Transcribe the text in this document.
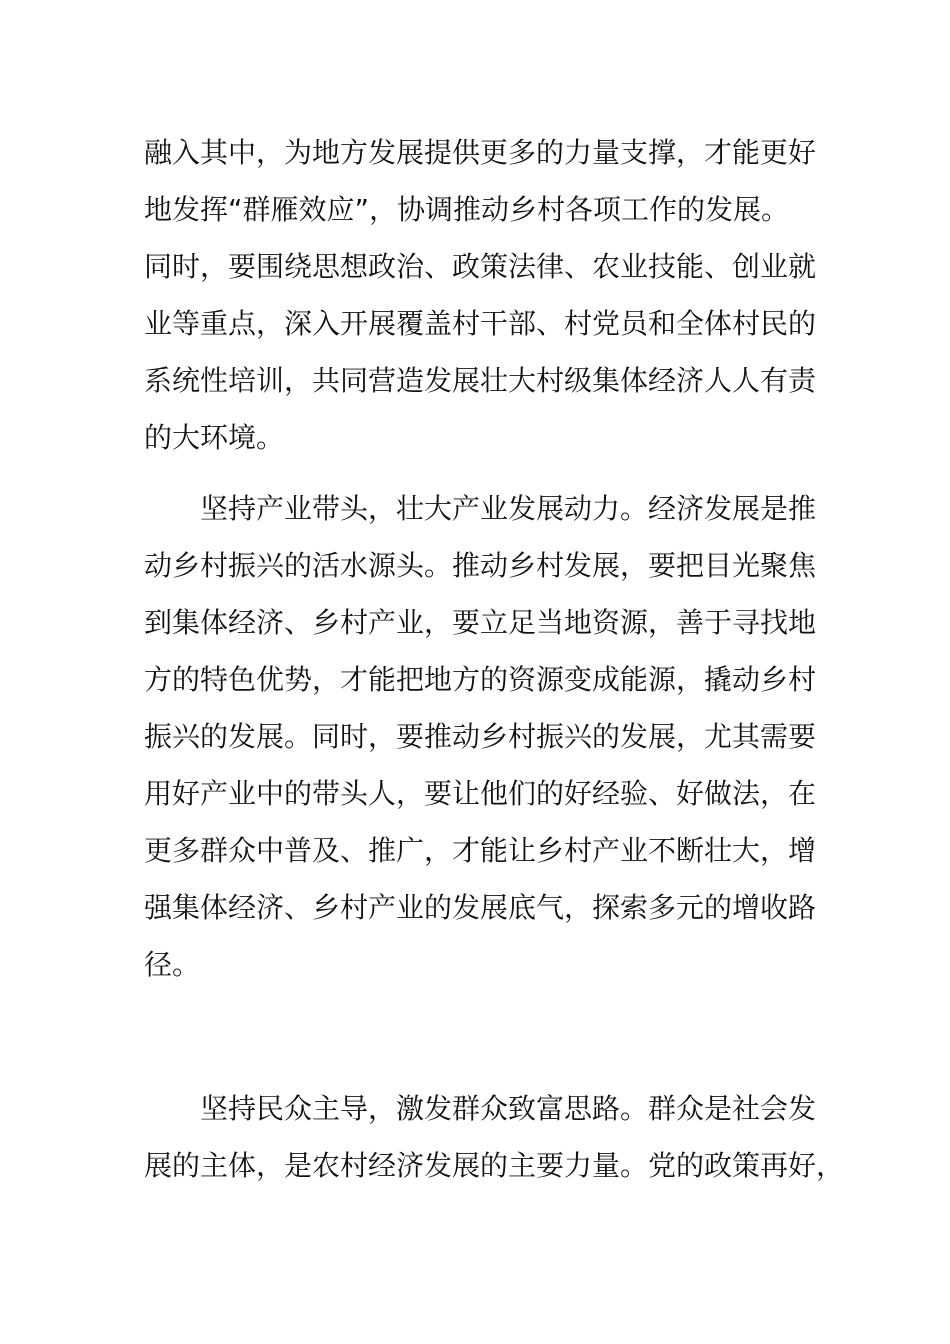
融入其中，为地方发展提供更多的力量支撑，才能更好
地发挥“群雁效应”，协调推动乡村各项工作的发展。
同时，要围绕思想政治、政策法律、农业技能、创业就
业等重点，深入开展覆盖村干部、村党员和全体村民的
系统性培训，共同营造发展壮大村级集体经济人人有责
的大环境。
坚持产业带头，壮大产业发展动力。经济发展是推
动乡村振兴的活水源头。推动乡村发展，要把目光聚焦
到集体经济、乡村产业，要立足当地资源，善于寻找地
方的特色优势，才能把地方的资源变成能源，撬动乡村
振兴的发展。同时，要推动乡村振兴的发展，尤其需要
用好产业中的带头人，要让他们的好经验、好做法，在
更多群众中普及、推广，才能让乡村产业不断壮大，增
强集体经济、乡村产业的发展底气，探索多元的增收路
径。
坚持民众主导，激发群众致富思路。群众是社会发
展的主体，是农村经济发展的主要力量。党的政策再好，
